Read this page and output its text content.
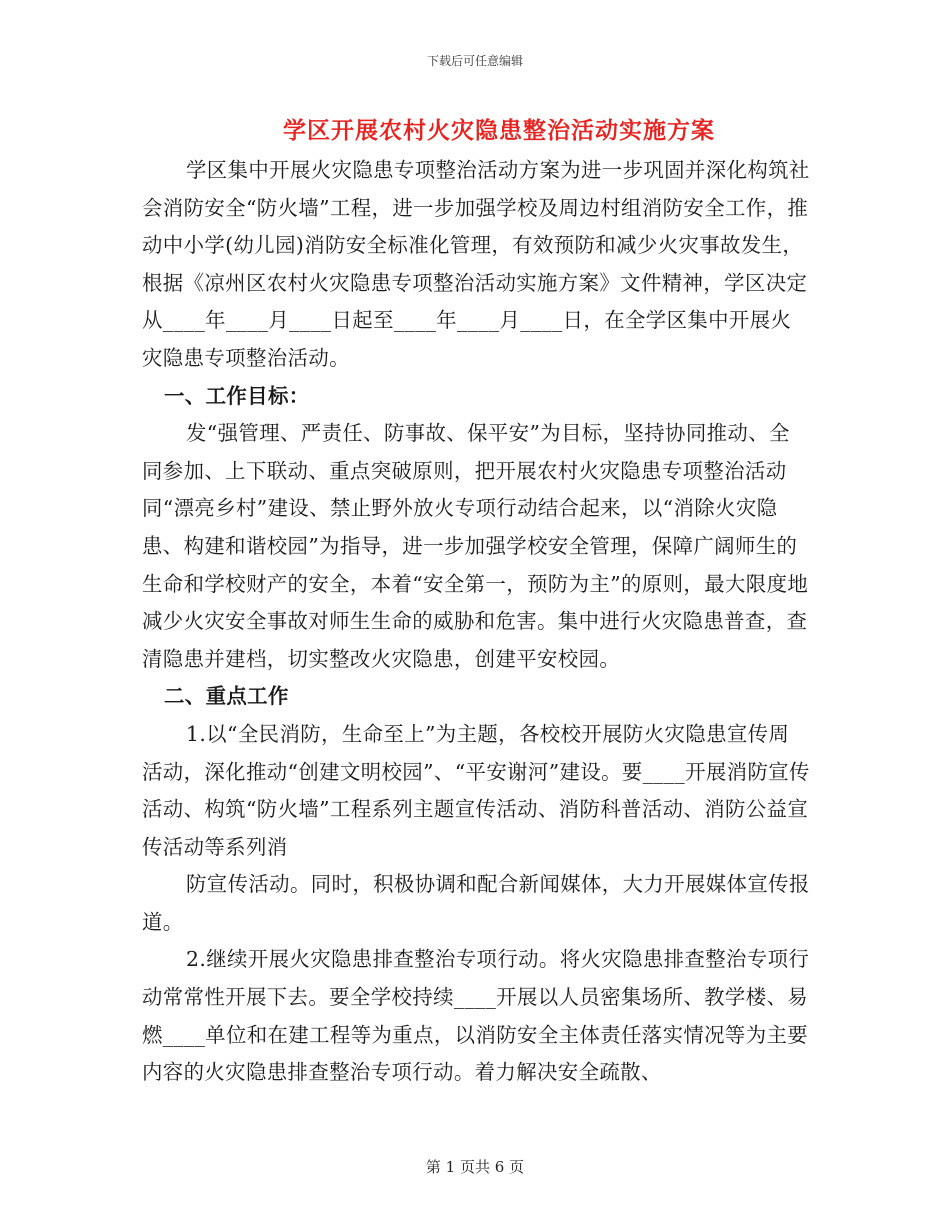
下载后可任意编辑
学区开展农村火灾隐患整治活动实施方案

学区集中开展火灾隐患专项整治活动方案为进一步巩固并深化构筑社会消防安全“防火墙”工程，进一步加强学校及周边村组消防安全工作，推动中小学(幼儿园)消防安全标准化管理，有效预防和减少火灾事故发生，根据《凉州区农村火灾隐患专项整治活动实施方案》文件精神，学区决定从____年____月____日起至____年____月____日，在全学区集中开展火灾隐患专项整治活动。

一、工作目标：

发“强管理、严责任、防事故、保平安”为目标，坚持协同推动、全同参加、上下联动、重点突破原则，把开展农村火灾隐患专项整治活动同“漂亮乡村”建设、禁止野外放火专项行动结合起来，以“消除火灾隐患、构建和谐校园”为指导，进一步加强学校安全管理，保障广阔师生的生命和学校财产的安全，本着“安全第一，预防为主”的原则，最大限度地减少火灾安全事故对师生生命的威胁和危害。集中进行火灾隐患普查，查清隐患并建档，切实整改火灾隐患，创建平安校园。

二、重点工作

1.以“全民消防，生命至上”为主题，各校校开展防火灾隐患宣传周活动，深化推动“创建文明校园”、“平安谢河”建设。要____开展消防宣传活动、构筑“防火墙”工程系列主题宣传活动、消防科普活动、消防公益宣传活动等系列消

防宣传活动。同时，积极协调和配合新闻媒体，大力开展媒体宣传报道。

2.继续开展火灾隐患排查整治专项行动。将火灾隐患排查整治专项行动常常性开展下去。要全学校持续____开展以人员密集场所、教学楼、易燃____单位和在建工程等为重点，以消防安全主体责任落实情况等为主要内容的火灾隐患排查整治专项行动。着力解决安全疏散、

第 1 页共 6 页
